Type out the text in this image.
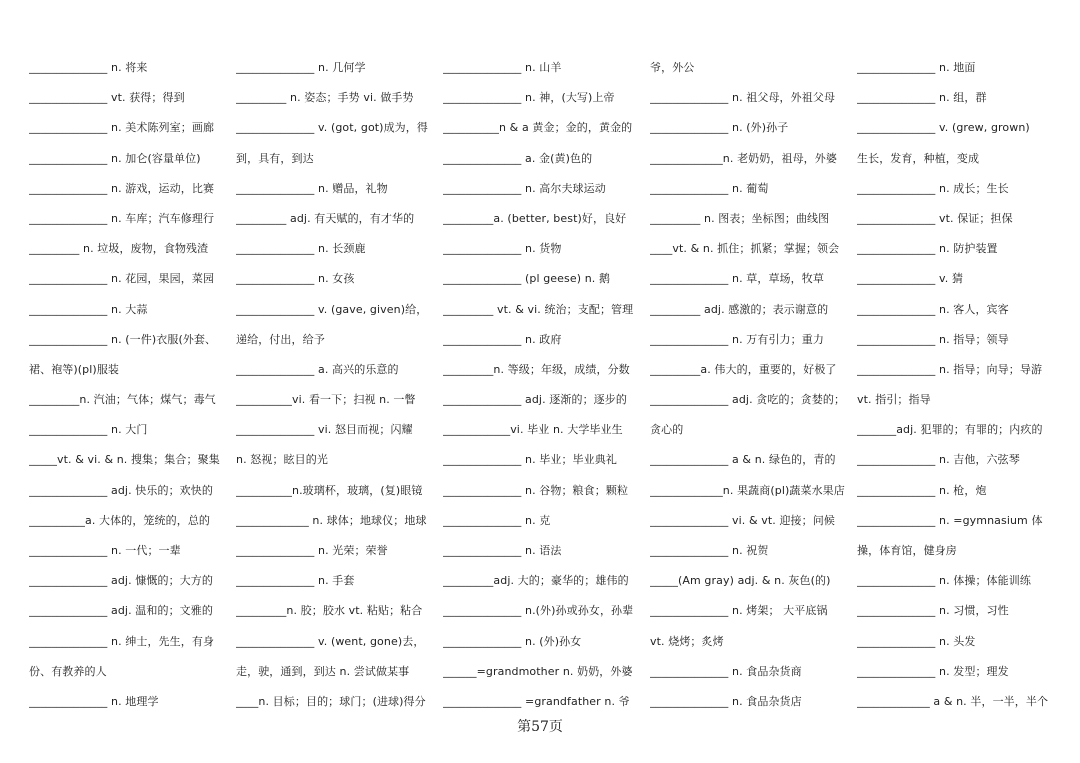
______________ n. 将来
______________ vt. 获得；得到
______________ n. 美术陈列室；画廊
______________ n. 加仑(容量单位)
______________ n. 游戏，运动，比赛
______________ n. 车库；汽车修理行
_________ n. 垃圾，废物，食物残渣
______________ n. 花园，果园，菜园
______________ n. 大蒜
______________ n. (一件)衣服(外套、
裙、袍等)(pl)服装
_________n. 汽油；气体；煤气；毒气
______________ n. 大门
_____vt. & vi. & n. 搜集；集合；聚集
______________ adj. 快乐的；欢快的
__________a. 大体的，笼统的，总的
______________ n. 一代；一辈
______________ adj. 慷慨的；大方的
______________ adj. 温和的；文雅的
______________ n. 绅士，先生，有身
份、有教养的人
______________ n. 地理学
______________ n. 几何学
_________ n. 姿态；手势 vi. 做手势
______________ v. (got, got)成为，得
到，具有，到达
______________ n. 赠品，礼物
_________ adj. 有天赋的，有才华的
______________ n. 长颈鹿
______________ n. 女孩
______________ v. (gave, given)给，
递给，付出，给予
______________ a. 高兴的乐意的
__________vi. 看一下；扫视 n. 一瞥
______________ vi. 怒目而视；闪耀
n. 怒视；眩目的光
__________n.玻璃杯，玻璃，(复)眼镜
_____________ n. 球体；地球仪；地球
______________ n. 光荣；荣誉
______________ n. 手套
_________n. 胶；胶水 vt. 粘贴；粘合
______________ v. (went, gone)去，
走，驶，通到，到达 n. 尝试做某事
____n. 目标；目的；球门；(进球)得分
______________ n. 山羊
______________ n. 神，(大写)上帝
__________n & a 黄金；金的，黄金的
______________ a. 金(黄)色的
______________ n. 高尔夫球运动
_________a. (better, best)好，良好
______________ n. 货物
______________ (pl geese) n. 鹅
_________ vt. & vi. 统治；支配；管理
______________ n. 政府
_________n. 等级；年级，成绩，分数
______________ adj. 逐渐的；逐步的
____________vi. 毕业 n. 大学毕业生
______________ n. 毕业；毕业典礼
______________ n. 谷物；粮食；颗粒
______________ n. 克
______________ n. 语法
_________adj. 大的；豪华的；雄伟的
______________ n.(外)孙或孙女，孙辈
______________ n. (外)孙女
______=grandmother n. 奶奶，外婆
______________ =grandfather n. 爷
爷，外公
______________ n. 祖父母，外祖父母
______________ n. (外)孙子
_____________n. 老奶奶，祖母，外婆
______________ n. 葡萄
_________ n. 图表；坐标图；曲线图
____vt. & n. 抓住；抓紧；掌握；领会
______________ n. 草，草场，牧草
_________ adj. 感激的；表示谢意的
______________ n. 万有引力；重力
_________a. 伟大的，重要的，好极了
______________ adj. 贪吃的；贪婪的；
贪心的
______________ a & n. 绿色的，青的
_____________n. 果蔬商(pl)蔬菜水果店
______________ vi. & vt. 迎接；问候
______________ n. 祝贺
_____(Am gray) adj. & n. 灰色(的)
______________ n. 烤架； 大平底锅
vt. 烧烤；炙烤
______________ n. 食品杂货商
______________ n. 食品杂货店
______________ n. 地面
______________ n. 组，群
______________ v. (grew, grown)
生长，发育，种植，变成
______________ n. 成长；生长
______________ vt. 保证；担保
______________ n. 防护装置
______________ v. 猜
______________ n. 客人，宾客
______________ n. 指导；领导
______________ n. 指导；向导；导游
vt. 指引；指导
_______adj. 犯罪的；有罪的；内疚的
______________ n. 吉他，六弦琴
______________ n. 枪，炮
______________ n. =gymnasium 体
操，体育馆，健身房
______________ n. 体操；体能训练
______________ n. 习惯，习性
______________ n. 头发
______________ n. 发型；理发
_____________ a & n. 半，一半，半个
第57页
